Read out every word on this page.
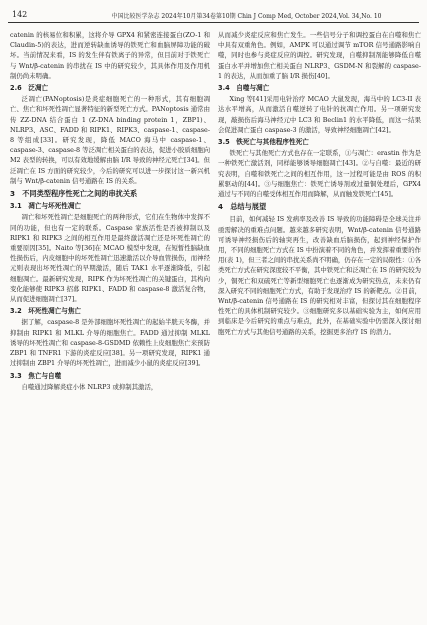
142	中国比较医学杂志 2024年10月第34卷第10期 Chin J Comp Med, October 2024,Vol. 34,No. 10

catenin 的核易位和积累，这将介导 GPX4 和紧密连接蛋白(ZO-1 和 Claudin-5)的表达，进而逆转缺血诱导的铁死亡和血脑屏障功能的破坏。当前情况来看，IS 的发生伴有铁离子的异常，但目前对于铁死亡与 Wnt/β-catenin 的串扰在 IS 中的研究较少，其具体作用及作用机制仍尚未明确。

2.6　泛凋亡

泛凋亡(PANoptosis)是炎症细胞死亡的一种形式，其有细胞凋亡、焦亡和坏死性凋亡显著特征的新型死亡方式。PANoptosis 通常由传 ZZ-DNA 结合蛋白 1 (Z-DNA binding protein 1，ZBP1)、NLRP3、ASC、FADD 和 RIPK1、RIPK3、caspase-1、caspase-8 等组成[33]。研究发现，降低 MACO 海马中 caspase-1、caspase-3、caspase-8 等泛凋亡相关蛋白的表达，促进小胶质细胞向 M2 表型的转换，可以有效地缓解由脑 I/R 导致的神经元死亡[34]。但泛凋亡在 IS 方面的研究较少，今后的研究可以进一步探讨这一新兴机制与 Wnt/β-catenin 信号通路在 IS 的关系。

3　不同类型程序性死亡之间的串扰关系
3.1　凋亡与坏死性凋亡

凋亡和坏死性凋亡是细胞死亡的两种形式，它们在生物体中发挥不同的功能，但也有一定的联系。Caspase 家族活性是否被抑制以及 RIPK1 和 RIPK3 之间的相互作用是最终激活凋亡还是坏死性凋亡的重要原因[35]。Naito 等[36]在 MCAO 模型中发现，在短暂性脑缺血性损伤后，内皮细胞中的坏死性凋亡迅速激活以介导血管损伤，而神经元则表现出坏死性凋亡的早期激活，随后 TAK1 水平逐渐降低，引起细胞凋亡。最新研究发现，RIPK 作为坏死性凋亡的关键蛋白，其构向变化能够使 RIPK3 招募 RIPK1、FADD 和 caspase-8 激活复合物，从而促进细胞凋亡[37]。

3.2　坏死性凋亡与焦亡

据了解，caspase-8 是外部细胞坏死性凋亡的起始半胱天冬酶，并抑制由 RIPK1 和 MLKL 介导的细胞焦亡。FADD 通过抑制 MLKL 诱导的坏死性凋亡和 caspase-8-GSDMD 依赖性上皮细胞焦亡来预防 ZBP1 和 TNFR1 下游的炎症反应[38]。另一项研究发现，RIPK1 通过抑制由 ZBP1 介导的坏死性凋亡，进而减少小鼠的炎症反应[39]。

3.3　焦亡与自噬

自噬通过降解炎症小体 NLRP3 或抑制其激活，

从而减少炎症反应和焦亡发生。一些信号分子和调控蛋白在自噬和焦亡中具有双重角色。例如，AMPK 可以通过调节 mTOR 信号通路影响自噬，同时也参与炎症反应的调控。研究发现，自噬抑制剂能够降低自噬蛋白水平并增加焦亡相关蛋白 NLRP3、GSDM-N 和裂解的 caspase-1 的表达，从而加重了脑 I/R 损伤[40]。

3.4　自噬与凋亡

Xing 等[41]采用电针治疗 MCAO 大鼠发现，海马中的 LC3-II 表达水平增高，从而激活自噬逆转了电针的抗凋亡作用。另一项研究发现，敲损伤后海马神经元中 LC3 和 Beclin1 的水平降低，而这一结果会促进凋亡蛋白 caspase-3 的激活，导致神经细胞凋亡[42]。

3.5　铁死亡与其他程序性死亡

铁死亡与其他死亡方式也存在一定联系，①与凋亡：erastin 作为是一种铁死亡激活剂，同样能够诱导细胞凋亡[43]。②与自噬：最近的研究表明，自噬和铁死亡之间的相互作用，这一过程可能是由 ROS 的积累驱动的[44]。③与细胞焦亡：铁死亡诱导剂或过量铜处理后，GPX4 通过与不同的自噬受体相互作用而降解，从而触发铁死亡[45]。

4　总结与展望

目前，如何减轻 IS 发病率及改善 IS 导致的功能障碍是全球关注并亟需解决的重难点问题。越来越多研究表明，Wnt/β-catenin 信号通路可诱导神经损伤后的轴突再生，改善缺血后脑损伤，起到神经保护作用，不同的细胞死亡方式在 IS 中扮演着不同的角色，并发挥着重要的作用(表 1)，但三者之间的串扰关系尚不明确，仍存在一定的局限性：①各类死亡方式在研究深度较不平衡，其中铁死亡和泛凋亡在 IS 的研究较为少，铜死亡和双硫死亡等新型细胞死亡也逐渐成为研究热点，未来仍有深入研究不同的细胞死亡方式，有助于发现治疗 IS 的新靶点。②目前，Wnt/β-catenin 信号通路在 IS 的研究相对丰富，但探讨其在细胞程序性死亡的具体机制研究较少。③细胞研究多以基础实验为主，如何应用到临床是今后研究的重点与难点，此外，在基础实验中仍需深入探讨细胞死亡方式与其他信号通路的关系，挖掘更多治疗 IS 的潜力。
